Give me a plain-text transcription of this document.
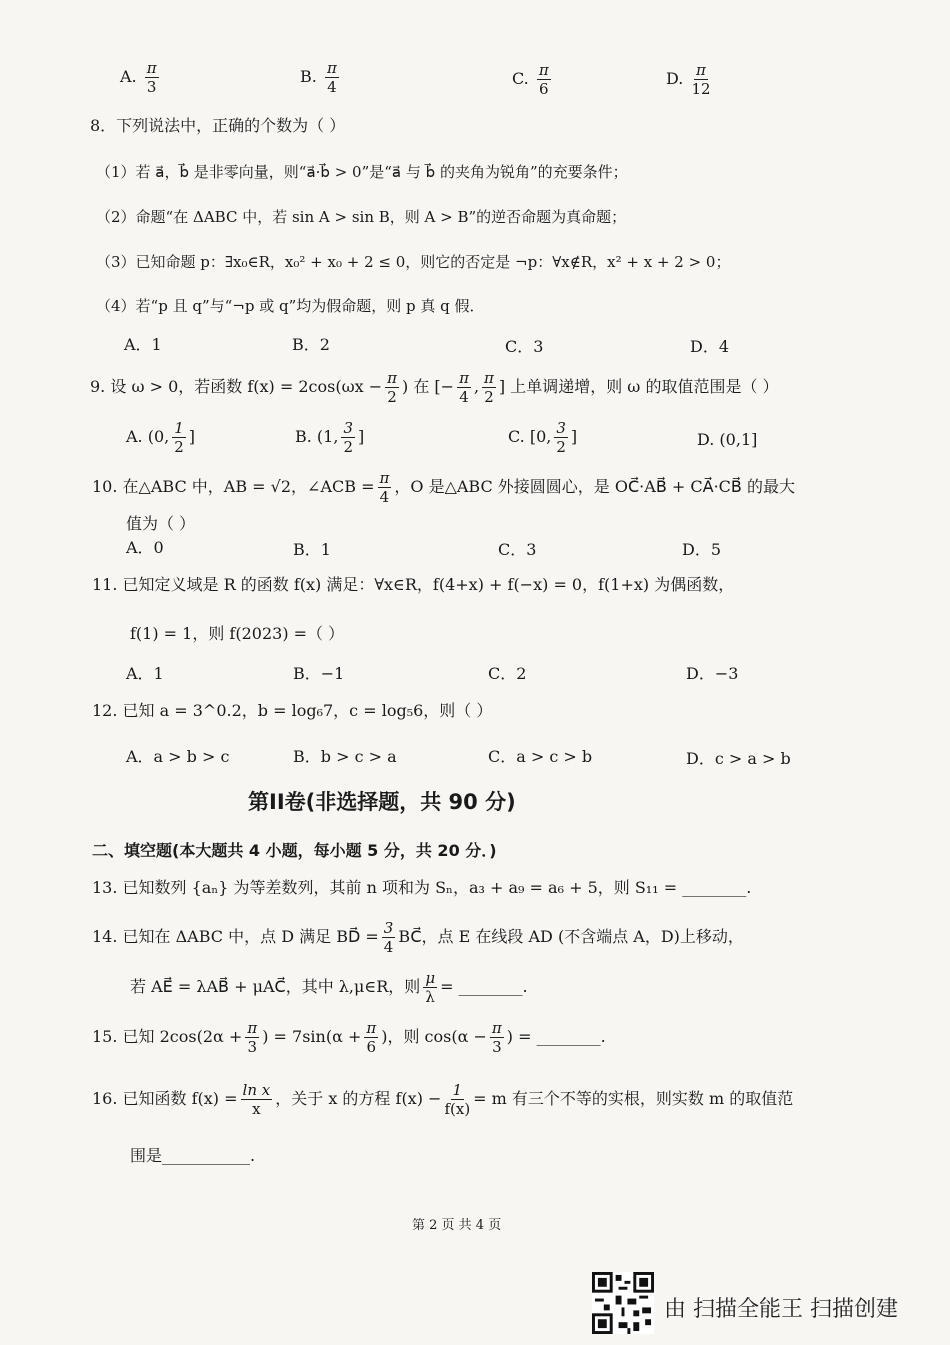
A. $\frac{\pi}{3}$	B. $\frac{\pi}{4}$	C. $\frac{\pi}{6}$	D. $\frac{\pi}{12}$
8．下列说法中，正确的个数为（ ）
（1）若 a⃗，b⃗ 是非零向量，则“a⃗·b⃗ > 0”是“a⃗ 与 b⃗ 的夹角为锐角”的充要条件；
（2）命题“在 ΔABC 中，若 sin A > sin B，则 A > B”的逆否命题为真命题；
（3）已知命题 p：∃x₀∈R，x₀² + x₀ + 2 ≤ 0，则它的否定是 ¬p：∀x∉R，x² + x + 2 > 0；
（4）若“p 且 q”与“¬p 或 q”均为假命题，则 p 真 q 假．
A．1	B．2	C．3	D．4
9. 设 ω > 0，若函数 $f(x) = 2\cos(\omega x - \frac{\pi}{2}$ ) 在 [− $\frac{\pi}{4}$ , $\frac{\pi}{2}$ ] 上单调递增，则 ω 的取值范围是（ ）
A. (0, $\frac{1}{2}$ ]	B. (1, $\frac{3}{2}$ ]	C. [0, $\frac{3}{2}$ ]	D. (0,1]
10. 在△ABC 中，AB = √2，∠ACB = $\frac{\pi}{4}$ ，O 是△ABC 外接圆圆心，是 OC⃗·AB⃗ + CA⃗·CB⃗ 的最大
值为（ ）
A．0	B．1	C．3	D．5
11. 已知定义域是 R 的函数 f(x) 满足：∀x∈R，f(4+x) + f(−x) = 0，f(1+x) 为偶函数，
f(1) = 1，则 f(2023) =（ ）
A．1	B．−1	C．2	D．−3
12. 已知 a = 3^0.2，b = log₆7，c = log₅6，则（ ）
A．a > b > c	B．b > c > a	C．a > c > b	D．c > a > b
第II卷(非选择题，共 90 分)
二、填空题(本大题共 4 小题，每小题 5 分，共 20 分．)
13. 已知数列 {aₙ} 为等差数列，其前 n 项和为 Sₙ，a₃ + a₉ = a₆ + 5，则 S₁₁ = ________.
14. 已知在 ΔABC 中，点 D 满足 BD⃗ = $\frac{3}{4}$ BC⃗，点 E 在线段 AD (不含端点 A，D)上移动，
若 AE⃗ = λAB⃗ + μAC⃗，其中 λ,μ∈R，则 $\frac{\mu}{\lambda}$ = ________.
15. 已知 $2\cos(2\alpha + \frac{\pi}{3}$ ) = $7\sin(\alpha + \frac{\pi}{6}$ )，则 $\cos(\alpha - \frac{\pi}{3}$ ) = ________.
16. 已知函数 $f(x) = \frac{\text{ln x}}{x}$ ，关于 x 的方程 $f(x) - \frac{1}{f(x)} = m$ 有三个不等的实根，则实数 m 的取值范
围是___________.
第 2 页 共 4 页
由 扫描全能王 扫描创建
